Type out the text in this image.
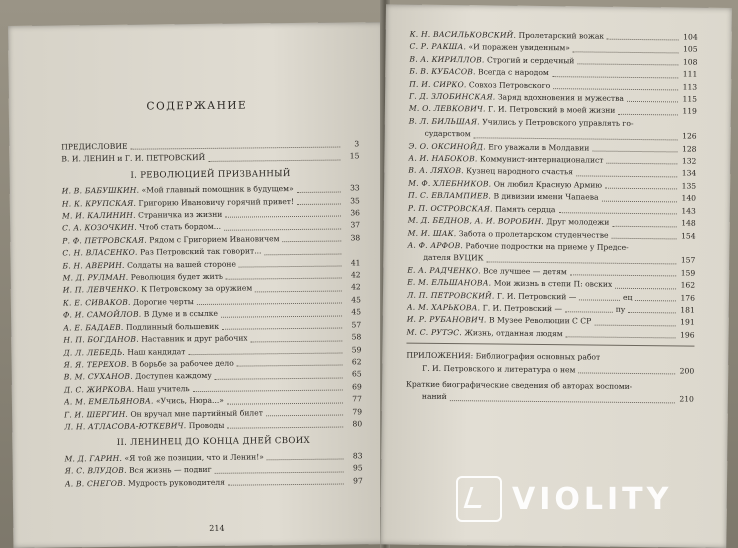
СОДЕРЖАНИЕ
ПРЕДИСЛОВИЕ	3
В. И. ЛЕНИН и Г. И. ПЕТРОВСКИЙ	15
I. РЕВОЛЮЦИЕЙ ПРИЗВАННЫЙ
И. В. БАБУШКИН. «Мой главный помощник в будущем»	33
Н. К. КРУПСКАЯ. Григорию Ивановичу горячий привет!	35
М. И. КАЛИНИН. Страничка из жизни	36
С. А. КОЗОЧКИН. Чтоб стать бордом...	37
Р. Ф. ПЕТРОВСКАЯ. Рядом с Григорием Ивановичем	38
С. Н. ВЛАСЕНКО. Раз Петровский так говорит...
Б. Н. АВЕРИН. Солдаты на вашей стороне	41
М. Д. РУЛМАН. Революция будет жить	42
И. П. ЛЕВЧЕНКО. К Петровскому за оружием	42
К. Е. СИВАКОВ. Дорогие черты	45
Ф. И. САМОЙЛОВ. В Думе и в ссылке	45
А. Е. БАДАЕВ. Подлинный большевик	57
Н. П. БОГДАНОВ. Наставник и друг рабочих	58
Д. Л. ЛЕБЕДЬ. Наш кандидат	59
Я. Я. ТЕРЕХОВ. В борьбе за рабочее дело	62
В. М. СУХАНОВ. Доступен каждому	65
Д. С. ЖИРКОВА. Наш учитель	69
А. М. ЕМЕЛЬЯНОВА. «Учись, Нюра...»	77
Г. И. ШЕРГИН. Он вручал мне партийный билет	79
Л. Н. АТЛАСОВА-ЮТКЕВИЧ. Проводы	80
II. ЛЕНИНЕЦ ДО КОНЦА ДНЕЙ СВОИХ
М. Д. ГАРИН. «Я той же позиции, что и Ленин!»	83
Я. С. ВЛУДОВ. Вся жизнь — подвиг	95
А. В. СНЕГОВ. Мудрость руководителя	97
214
К. Н. ВАСИЛЬКОВСКИЙ. Пролетарский вожак	104
С. Р. РАКША. «И поражен увиденным»	105
В. А. КИРИЛЛОВ. Строгий и сердечный	108
Б. В. КУБАСОВ. Всегда с народом	111
П. И. СИРКО. Совхоз Петровского	113
Г. Д. ЗЛОБИНСКАЯ. Заряд вдохновения и мужества	115
М. О. ЛЕВКОВИЧ. Г. И. Петровский в моей жизни	119
В. Л. БИЛЬШАЯ. Учились у Петровского управлять го-
сударством	126
Э. О. ОКСИНОЙД. Его уважали в Молдавии	128
А. И. НАБОКОВ. Коммунист-интернационалист	132
В. А. ЛЯХОВ. Кузнец народного счастья	134
М. Ф. ХЛЕБНИКОВ. Он любил Красную Армию	135
П. С. ЕВЛАМПИЕВ. В дивизии имени Чапаева	140
Р. П. ОСТРОВСКАЯ. Память сердца	143
М. Д. БЕДНОВ, А. И. ВОРОБИН. Друг молодежи	148
М. И. ШАК. Забота о пролетарском студенчестве	154
А. Ф. АРФОВ. Рабочие подростки на приеме у Предсе-
дателя ВУЦИК	157
Е. А. РАДЧЕНКО. Все лучшее — детям	159
Е. М. ЕЛЬШАНОВА. Мои жизнь в степи П: овских	162
Л. П. ПЕТРОВСКИЙ. Г. И. Петровский —	ец	176
А. М. ХАРЬКОВА. Г. И. Петровский —	пу	181
И. Р. РУБАНОВИЧ. В Музее Революции С СР	191
М. С. РУТЭС. Жизнь, отданная людям	196
ПРИЛОЖЕНИЯ: Библиография основных работ
Г. И. Петровского и литература о нем	200
Краткие биографические сведения об авторах воспоми-
наний	210
VIOLITY
